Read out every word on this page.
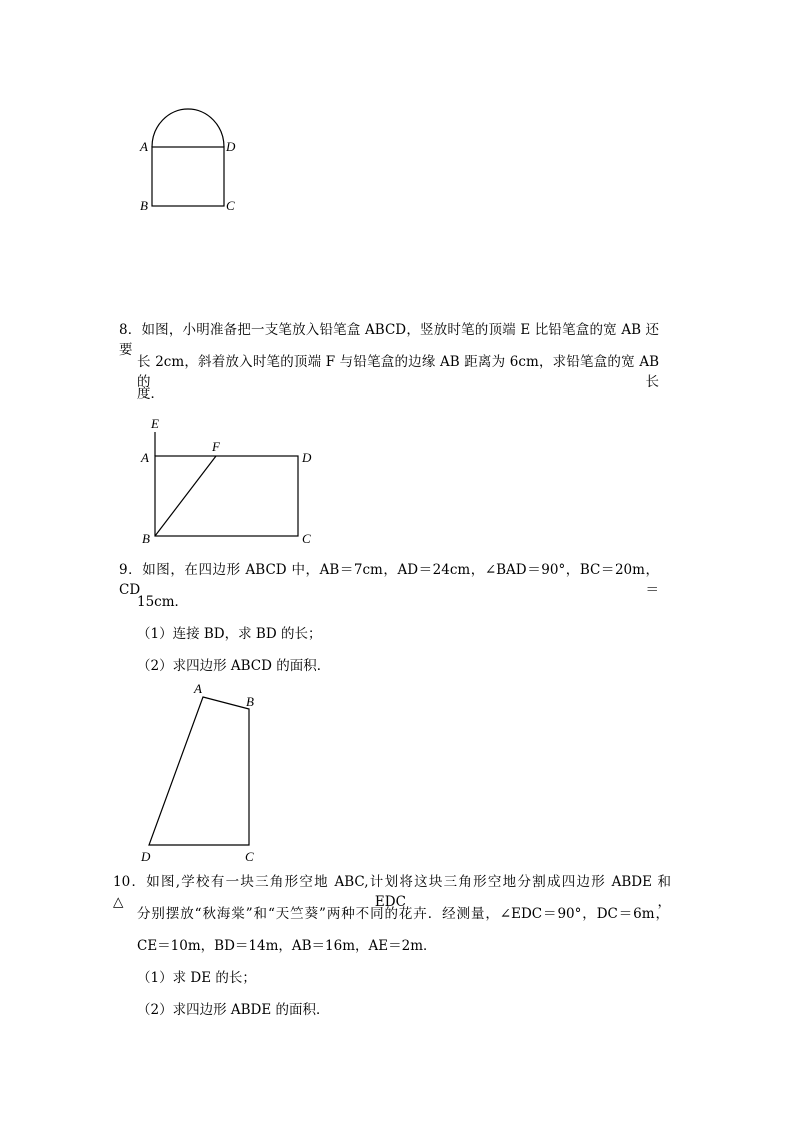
A	D
B	C
8．如图，小明准备把一支笔放入铅笔盒 ABCD，竖放时笔的顶端 E 比铅笔盒的宽 AB 还要
长 2cm，斜着放入时笔的顶端 F 与铅笔盒的边缘 AB 距离为 6cm，求铅笔盒的宽 AB 的长
度．
E
F
A	D
B	C
9．如图，在四边形 ABCD 中，AB＝7cm，AD＝24cm，∠BAD＝90°，BC＝20m，CD＝
15cm．
（1）连接 BD，求 BD 的长；
（2）求四边形 ABCD 的面积．
A
B
D	C
10．如图,学校有一块三角形空地 ABC,计划将这块三角形空地分割成四边形 ABDE 和△EDC，
分别摆放“秋海棠”和“天竺葵”两种不同的花卉．经测量，∠EDC＝90°，DC＝6m，
CE＝10m，BD＝14m，AB＝16m，AE＝2m．
（1）求 DE 的长；
（2）求四边形 ABDE 的面积．
